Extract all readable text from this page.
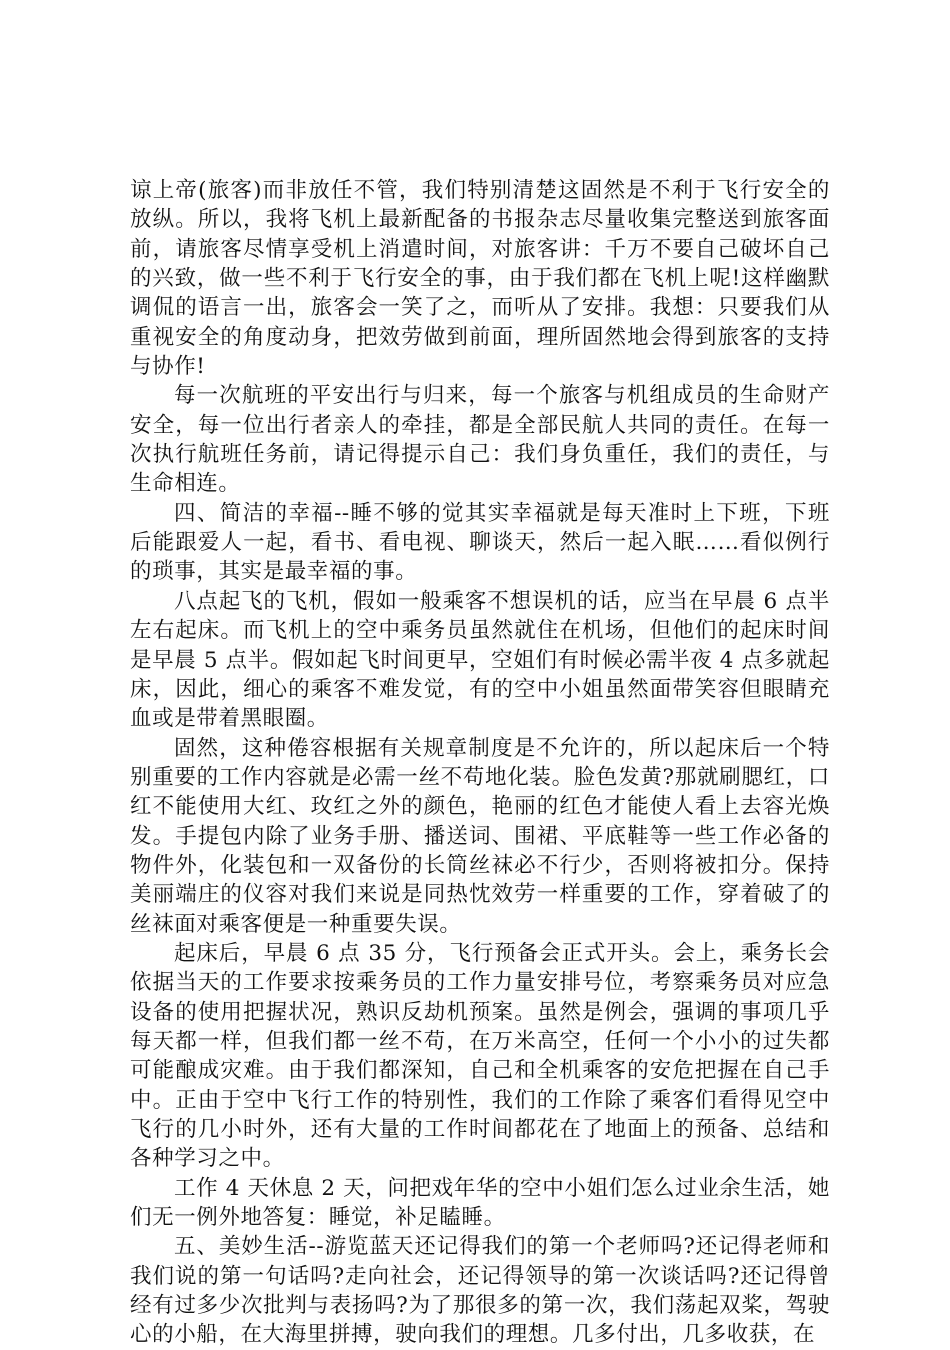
谅上帝(旅客)而非放任不管，我们特别清楚这固然是不利于飞行安全的放纵。所以，我将飞机上最新配备的书报杂志尽量收集完整送到旅客面前，请旅客尽情享受机上消遣时间，对旅客讲：千万不要自己破坏自己的兴致，做一些不利于飞行安全的事，由于我们都在飞机上呢!这样幽默调侃的语言一出，旅客会一笑了之，而听从了安排。我想：只要我们从重视安全的角度动身，把效劳做到前面，理所固然地会得到旅客的支持与协作!

每一次航班的平安出行与归来，每一个旅客与机组成员的生命财产安全，每一位出行者亲人的牵挂，都是全部民航人共同的责任。在每一次执行航班任务前，请记得提示自己：我们身负重任，我们的责任，与生命相连。

四、简洁的幸福--睡不够的觉其实幸福就是每天准时上下班，下班后能跟爱人一起，看书、看电视、聊谈天，然后一起入眠……看似例行的琐事，其实是最幸福的事。

八点起飞的飞机，假如一般乘客不想误机的话，应当在早晨 6 点半左右起床。而飞机上的空中乘务员虽然就住在机场，但他们的起床时间是早晨 5 点半。假如起飞时间更早，空姐们有时候必需半夜 4 点多就起床，因此，细心的乘客不难发觉，有的空中小姐虽然面带笑容但眼睛充血或是带着黑眼圈。

固然，这种倦容根据有关规章制度是不允许的，所以起床后一个特别重要的工作内容就是必需一丝不苟地化装。脸色发黄?那就刷腮红，口红不能使用大红、玫红之外的颜色，艳丽的红色才能使人看上去容光焕发。手提包内除了业务手册、播送词、围裙、平底鞋等一些工作必备的物件外，化装包和一双备份的长筒丝袜必不行少，否则将被扣分。保持美丽端庄的仪容对我们来说是同热忱效劳一样重要的工作，穿着破了的丝袜面对乘客便是一种重要失误。

起床后，早晨 6 点 35 分，飞行预备会正式开头。会上，乘务长会依据当天的工作要求按乘务员的工作力量安排号位，考察乘务员对应急设备的使用把握状况，熟识反劫机预案。虽然是例会，强调的事项几乎每天都一样，但我们都一丝不苟，在万米高空，任何一个小小的过失都可能酿成灾难。由于我们都深知，自己和全机乘客的安危把握在自己手中。正由于空中飞行工作的特别性，我们的工作除了乘客们看得见空中飞行的几小时外，还有大量的工作时间都花在了地面上的预备、总结和各种学习之中。

工作 4 天休息 2 天，问把戏年华的空中小姐们怎么过业余生活，她们无一例外地答复：睡觉，补足瞌睡。

五、美妙生活--游览蓝天还记得我们的第一个老师吗?还记得老师和我们说的第一句话吗?走向社会，还记得领导的第一次谈话吗?还记得曾经有过多少次批判与表扬吗?为了那很多的第一次，我们荡起双桨，驾驶心的小船，在大海里拼搏，驶向我们的理想。几多付出，几多收获，在
